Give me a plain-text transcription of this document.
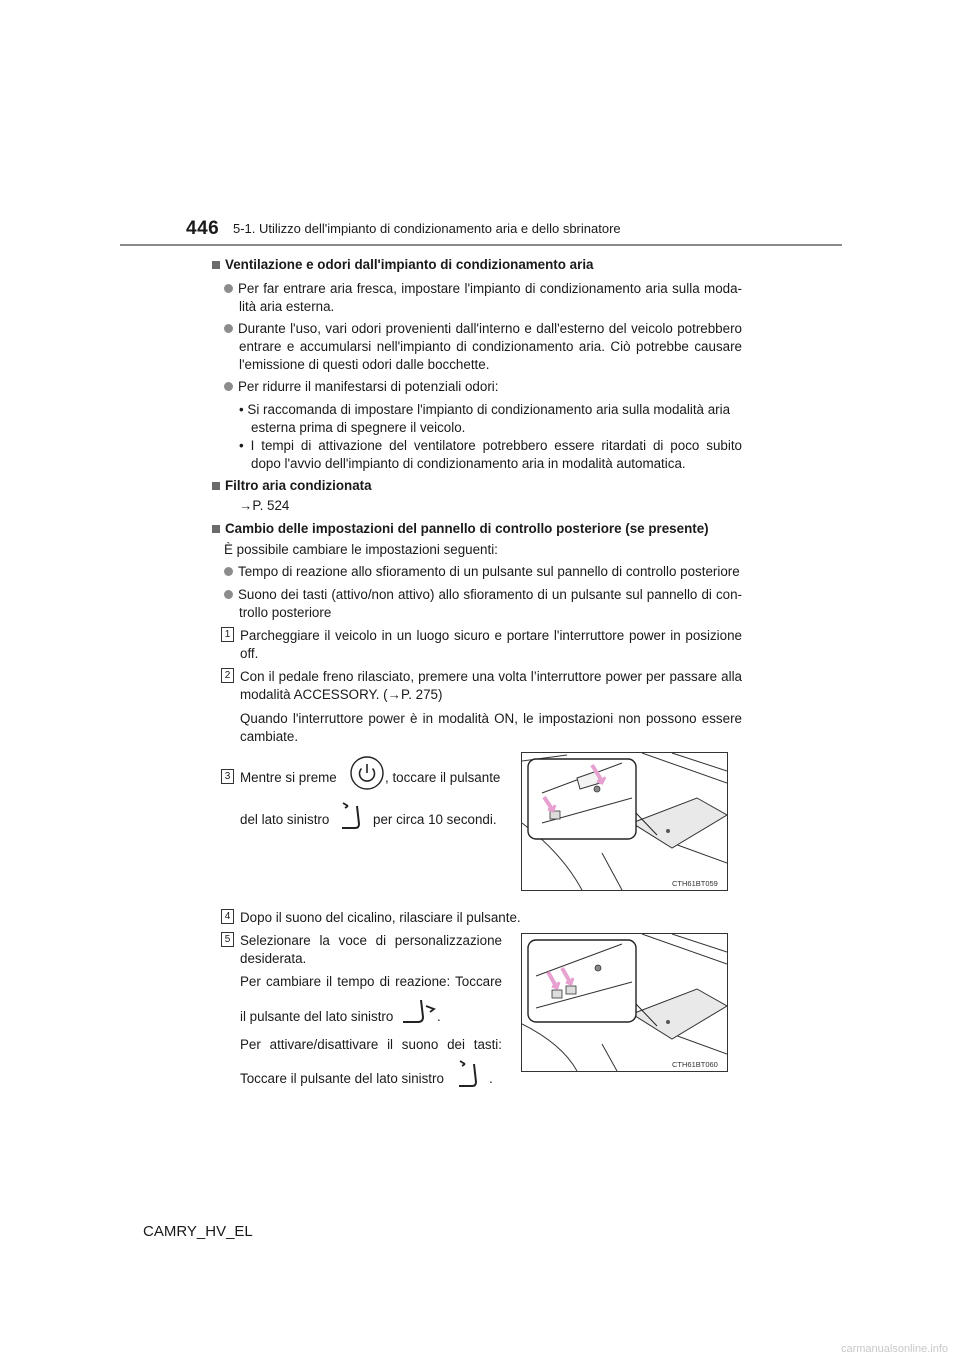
446 5-1. Utilizzo dell'impianto di condizionamento aria e dello sbrinatore
Ventilazione e odori dall'impianto di condizionamento aria
Per far entrare aria fresca, impostare l'impianto di condizionamento aria sulla moda-
lità aria esterna.
Durante l'uso, vari odori provenienti dall'interno e dall'esterno del veicolo potrebbero
entrare e accumularsi nell'impianto di condizionamento aria. Ciò potrebbe causare
l'emissione di questi odori dalle bocchette.
Per ridurre il manifestarsi di potenziali odori:
• Si raccomanda di impostare l'impianto di condizionamento aria sulla modalità aria
esterna prima di spegnere il veicolo.
• I tempi di attivazione del ventilatore potrebbero essere ritardati di poco subito
dopo l'avvio dell'impianto di condizionamento aria in modalità automatica.
Filtro aria condizionata
→P. 524
Cambio delle impostazioni del pannello di controllo posteriore (se presente)
È possibile cambiare le impostazioni seguenti:
Tempo di reazione allo sfioramento di un pulsante sul pannello di controllo posteriore
Suono dei tasti (attivo/non attivo) allo sfioramento di un pulsante sul pannello di con-
trollo posteriore
1 Parcheggiare il veicolo in un luogo sicuro e portare l'interruttore power in posizione
off.
2 Con il pedale freno rilasciato, premere una volta l’interruttore power per passare alla
modalità ACCESSORY. (→P. 275)
Quando l'interruttore power è in modalità ON, le impostazioni non possono essere
cambiate.
3 Mentre si preme	, toccare il pulsante
del lato sinistro	per circa 10 secondi.
CTH61BT059
4 Dopo il suono del cicalino, rilasciare il pulsante.
5 Selezionare la voce di personalizzazione
desiderata.
Per cambiare il tempo di reazione: Toccare
il pulsante del lato sinistro	.
Per attivare/disattivare il suono dei tasti:
Toccare il pulsante del lato sinistro	.
CTH61BT060
CAMRY_HV_EL
carmanualsonline.info
